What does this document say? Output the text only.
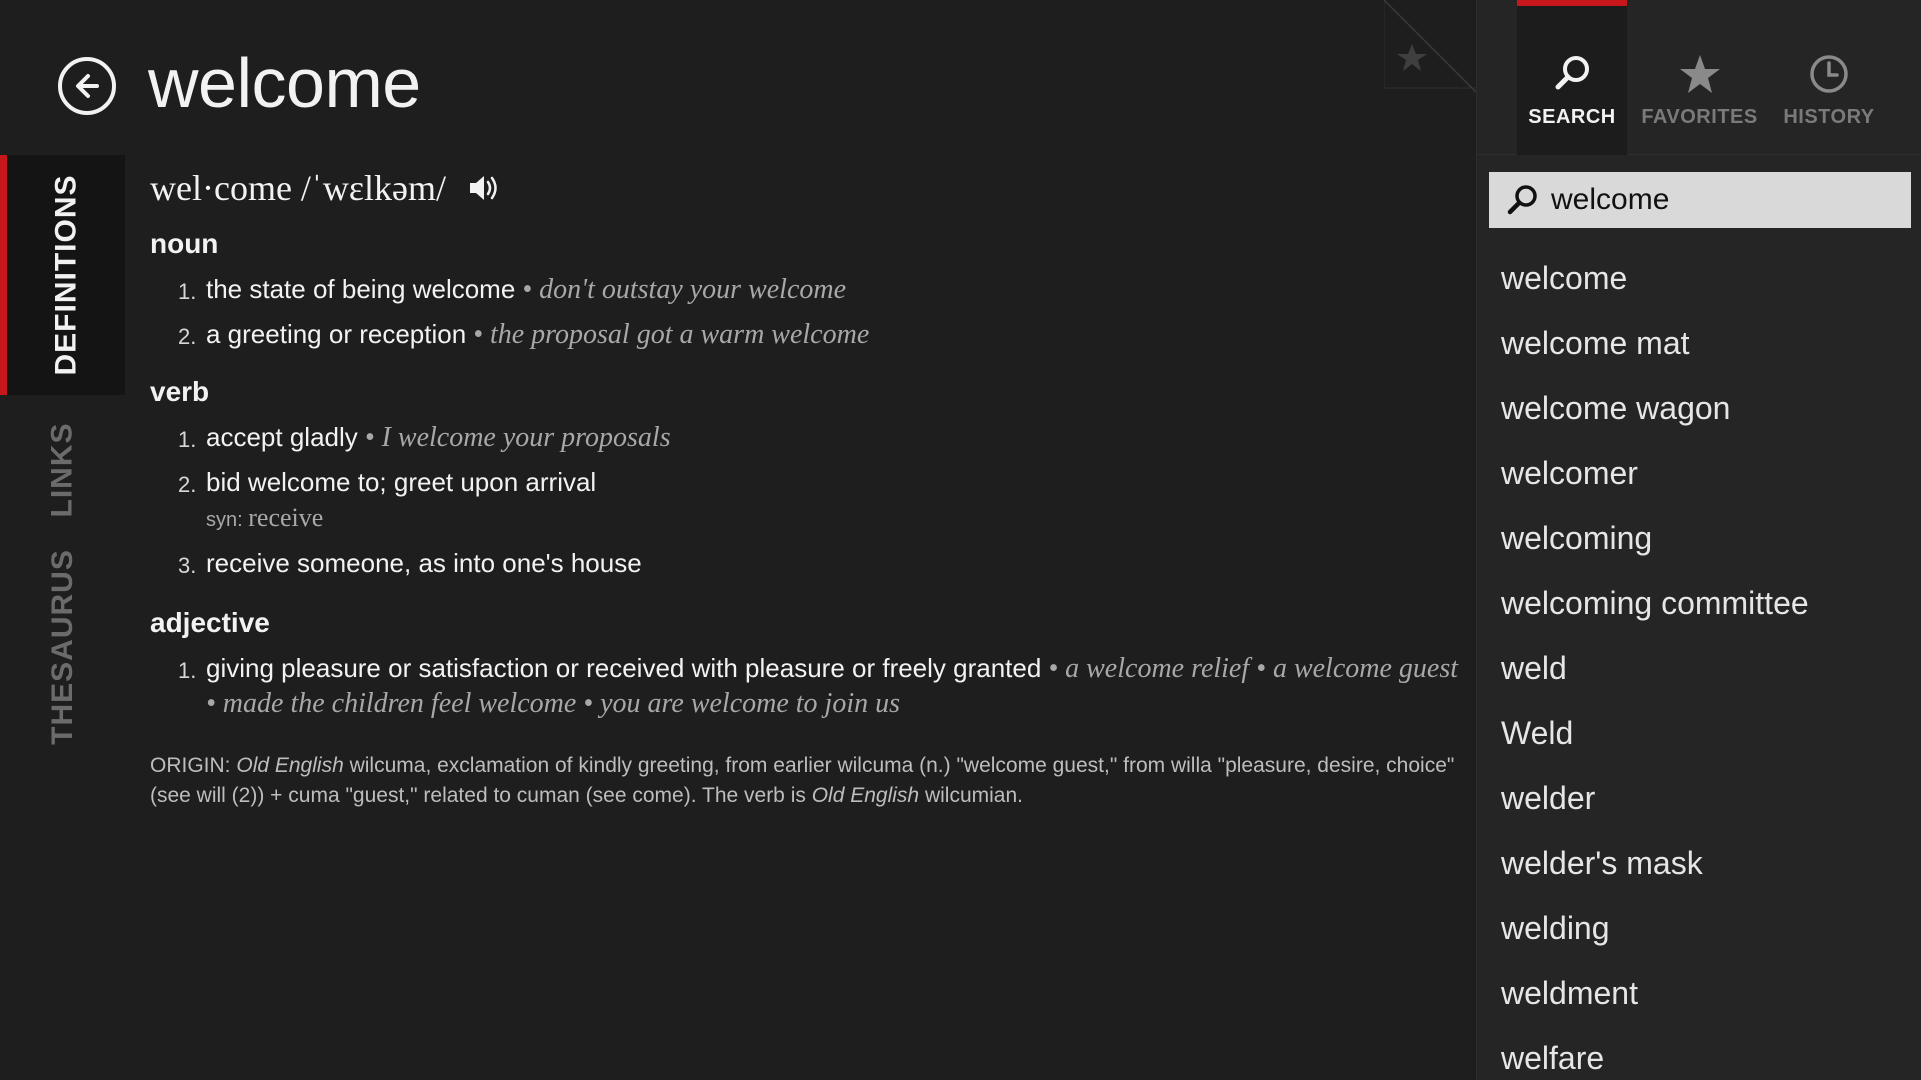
welcome
DEFINITIONS
LINKS
THESAURUS
wel·come /ˈwɛlkəm/
noun
1. the state of being welcome • don't outstay your welcome
2. a greeting or reception • the proposal got a warm welcome
verb
1. accept gladly • I welcome your proposals
2. bid welcome to; greet upon arrival
syn: receive
3. receive someone, as into one's house
adjective
1. giving pleasure or satisfaction or received with pleasure or freely granted • a welcome relief • a welcome guest • made the children feel welcome • you are welcome to join us
ORIGIN: Old English wilcuma, exclamation of kindly greeting, from earlier wilcuma (n.) "welcome guest," from willa "pleasure, desire, choice" (see will (2)) + cuma "guest," related to cuman (see come). The verb is Old English wilcumian.
SEARCH FAVORITES HISTORY
welcome
welcome
welcome mat
welcome wagon
welcomer
welcoming
welcoming committee
weld
Weld
welder
welder's mask
welding
weldment
welfare
